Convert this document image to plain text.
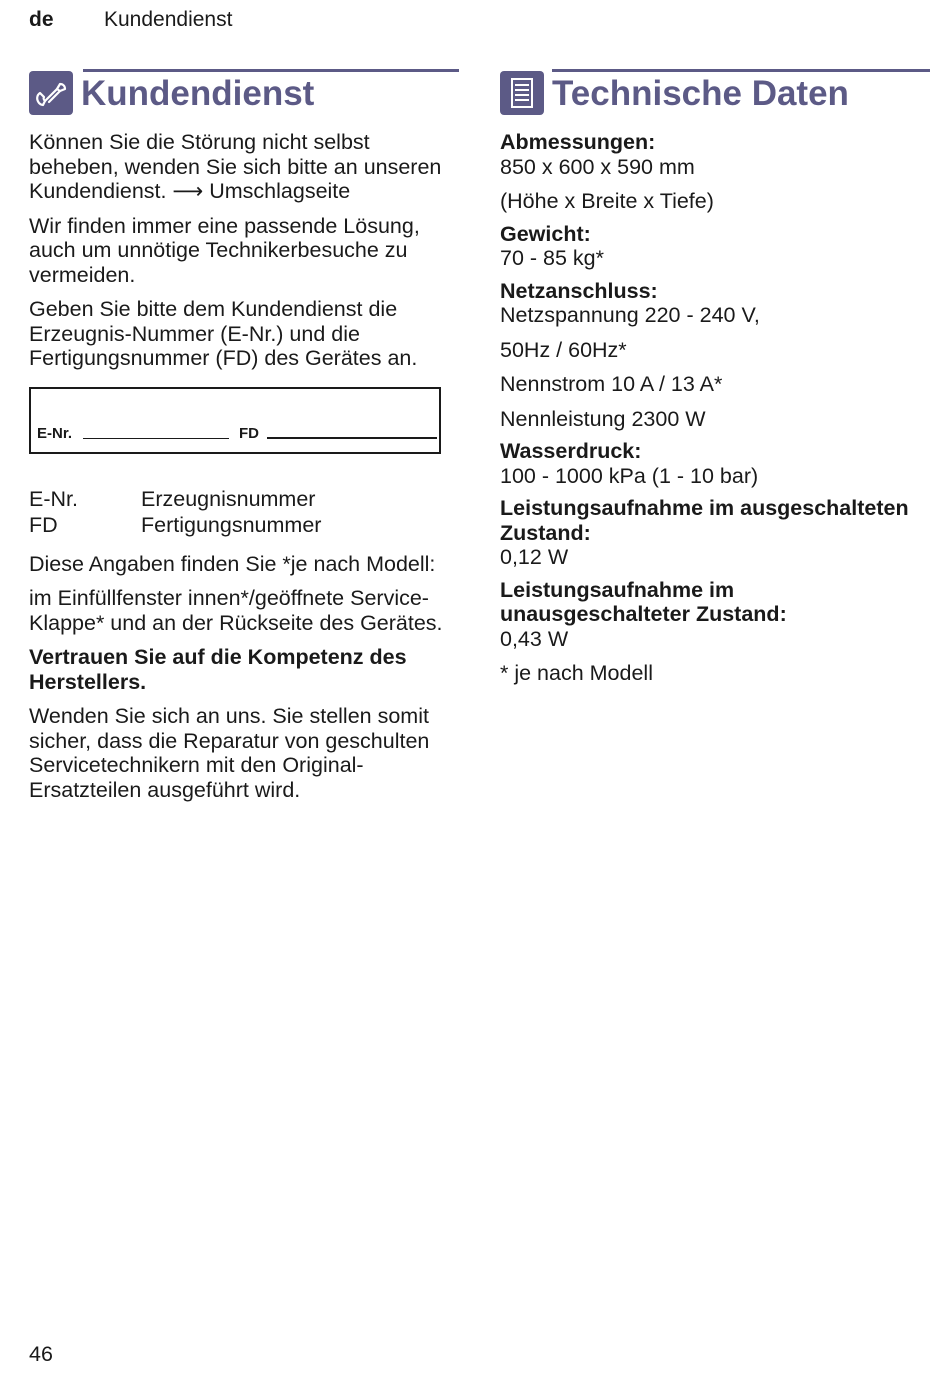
de Kundendienst
Kundendienst

Können Sie die Störung nicht selbst beheben, wenden Sie sich bitte an unseren Kundendienst. ⟶ Umschlagseite

Wir finden immer eine passende Lösung, auch um unnötige Technikerbesuche zu vermeiden.

Geben Sie bitte dem Kundendienst die Erzeugnis-Nummer (E-Nr.) und die Fertigungsnummer (FD) des Gerätes an.

E-Nr.	FD
E-Nr.	Erzeugnisnummer
FD	Fertigungsnummer

Diese Angaben finden Sie *je nach Modell:

im Einfüllfenster innen*/geöffnete Service-Klappe* und an der Rückseite des Gerätes.

Vertrauen Sie auf die Kompetenz des Herstellers.

Wenden Sie sich an uns. Sie stellen somit sicher, dass die Reparatur von geschulten Servicetechnikern mit den Original-Ersatzteilen ausgeführt wird.

Technische Daten
Abmessungen:
850 x 600 x 590 mm
(Höhe x Breite x Tiefe)
Gewicht:
70 - 85 kg*
Netzanschluss:
Netzspannung 220 - 240 V,
50Hz / 60Hz*
Nennstrom 10 A / 13 A*
Nennleistung 2300 W
Wasserdruck:
100 - 1000 kPa (1 - 10 bar)
Leistungsaufnahme im ausgeschalteten Zustand:
0,12 W
Leistungsaufnahme im unausgeschalteter Zustand:
0,43 W
* je nach Modell
46
